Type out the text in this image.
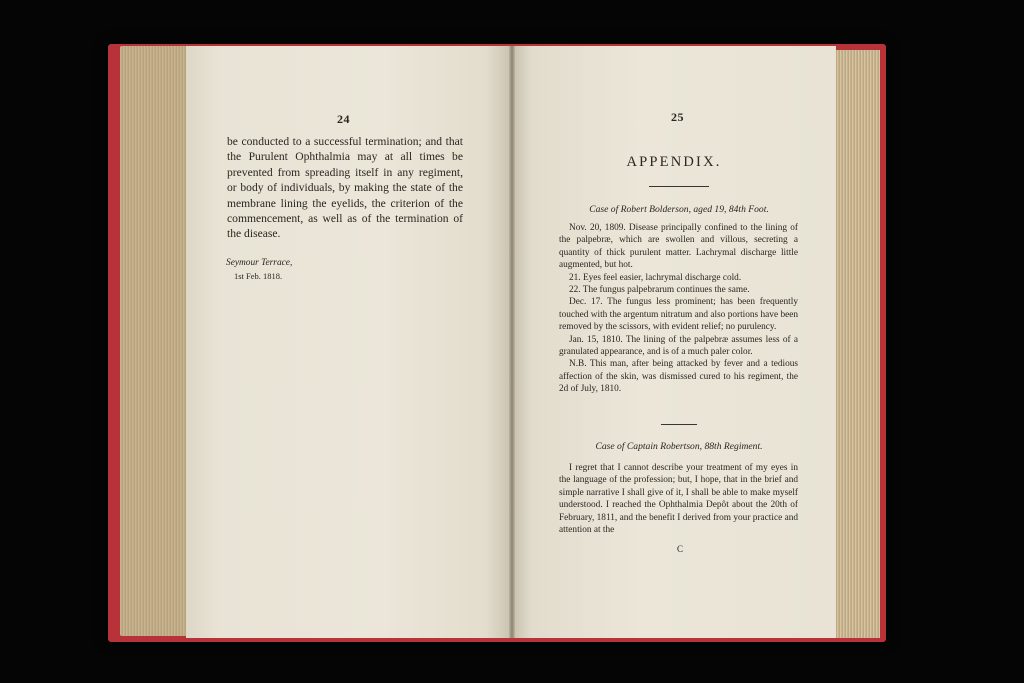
24

be conducted to a successful termination; and that the Purulent Ophthalmia may at all times be prevented from spreading itself in any regiment, or body of individuals, by making the state of the membrane lining the eyelids, the criterion of the commencement, as well as of the termination of the disease.

Seymour Terrace,
1st Feb. 1818.
25
APPENDIX.
Case of Robert Bolderson, aged 19, 84th Foot.

Nov. 20, 1809. Disease principally confined to the lining of the palpebræ, which are swollen and villous, secreting a quantity of thick purulent matter. Lachrymal discharge little augmented, but hot.

21. Eyes feel easier, lachrymal discharge cold.

22. The fungus palpebrarum continues the same.

Dec. 17. The fungus less prominent; has been frequently touched with the argentum nitratum and also portions have been removed by the scissors, with evident relief; no purulency.

Jan. 15, 1810. The lining of the palpebræ assumes less of a granulated appearance, and is of a much paler color.

N.B. This man, after being attacked by fever and a tedious affection of the skin, was dismissed cured to his regiment, the 2d of July, 1810.

Case of Captain Robertson, 88th Regiment.

I regret that I cannot describe your treatment of my eyes in the language of the profession; but, I hope, that in the brief and simple narrative I shall give of it, I shall be able to make myself understood. I reached the Ophthalmia Depôt about the 20th of February, 1811, and the benefit I derived from your practice and attention at the

C
